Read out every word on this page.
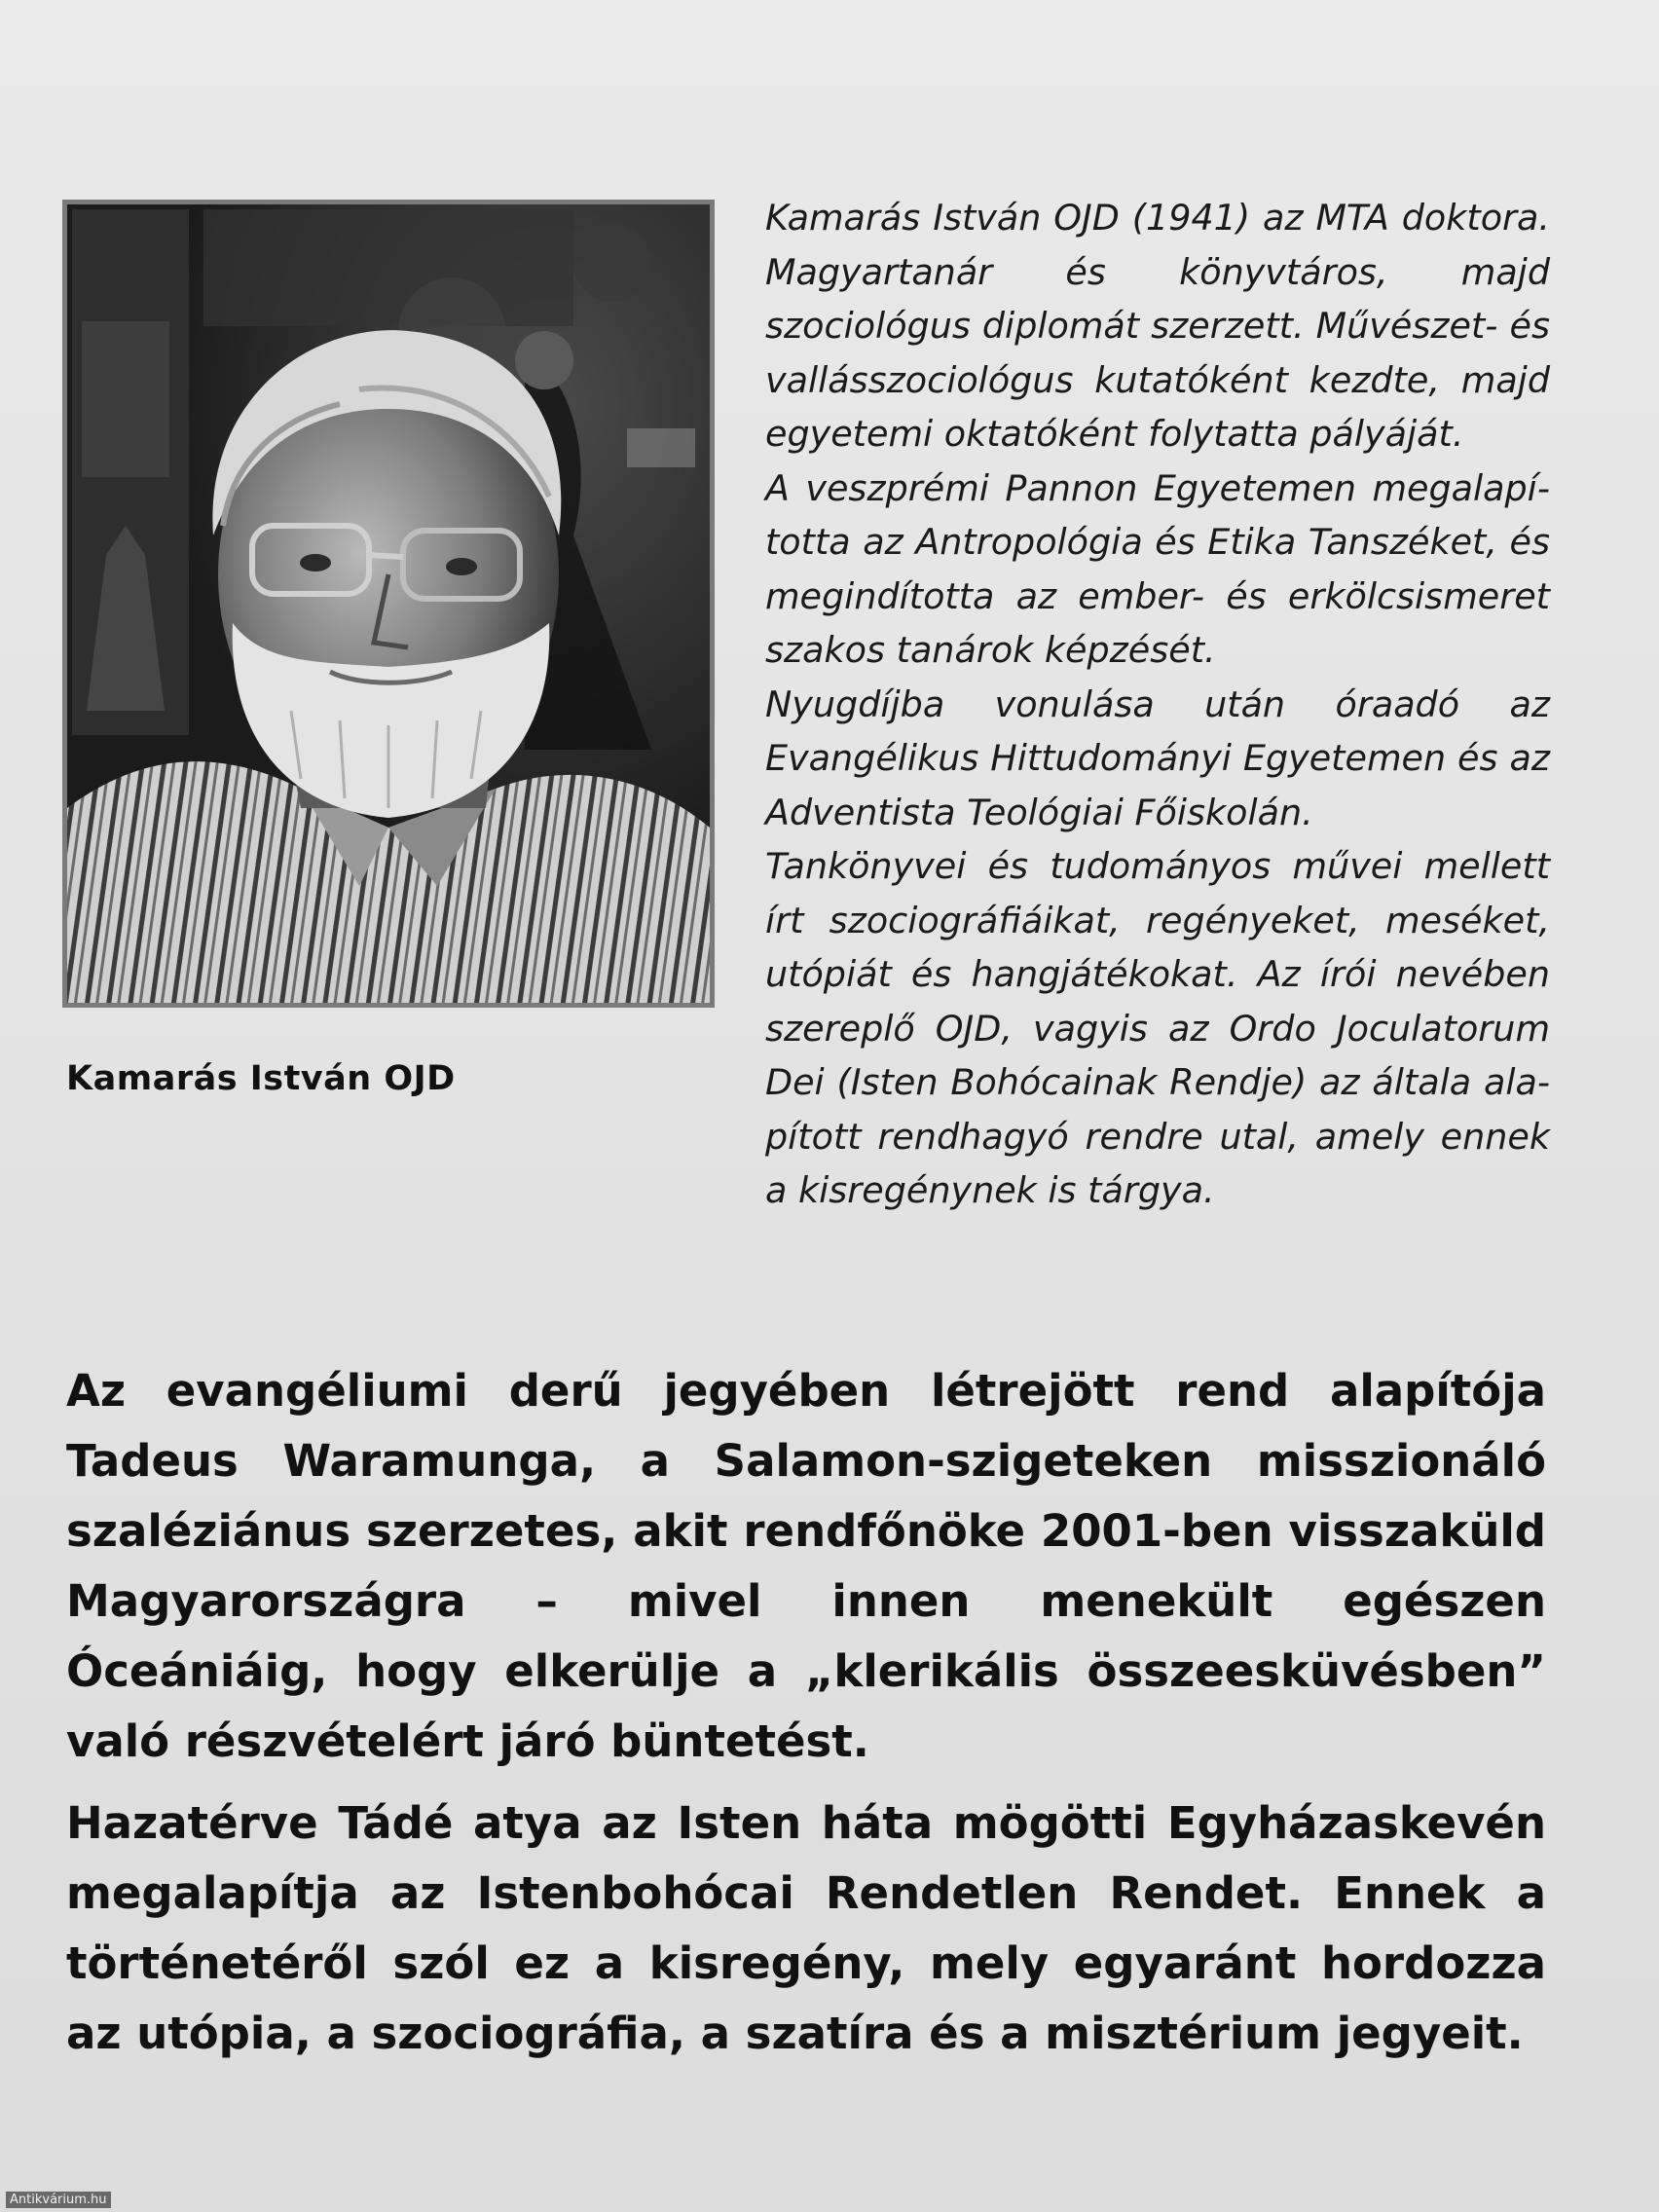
Kamarás István OJD

Kamarás István OJD (1941) az MTA doktora. Magyartanár és könyvtáros, majd szociológus diplomát szerzett. Művészet- és vallásszociológus kutatóként kezdte, majd egyetemi oktatóként folytatta pályáját.

A veszprémi Pannon Egyetemen megalapította az Antropológia és Etika Tanszéket, és megindította az ember- és erkölcsismeret szakos tanárok képzését.

Nyugdíjba vonulása után óraadó az Evangélikus Hittudományi Egyetemen és az Adventista Teológiai Főiskolán.

Tankönyvei és tudományos művei mellett írt szociográfiáikat, regényeket, meséket, utópiát és hangjátékokat. Az írói nevében szereplő OJD, vagyis az Ordo Joculatorum Dei (Isten Bohócainak Rendje) az általa alapított rendhagyó rendre utal, amely ennek a kisregénynek is tárgya.

Az evangéliumi derű jegyében létrejött rend alapítója Tadeus Waramunga, a Salamon-szigeteken misszionáló szaléziánus szerzetes, akit rendfőnöke 2001-ben visszaküld Magyarországra – mivel innen menekült egészen Óceániáig, hogy elkerülje a „klerikális összeesküvésben” való részvételért járó büntetést.

Hazatérve Tádé atya az Isten háta mögötti Egyházaskevén megalapítja az Istenbohócai Rendetlen Rendet. Ennek a történetéről szól ez a kisregény, mely egyaránt hordozza az utópia, a szociográfia, a szatíra és a misztérium jegyeit.

Antikvárium.hu
